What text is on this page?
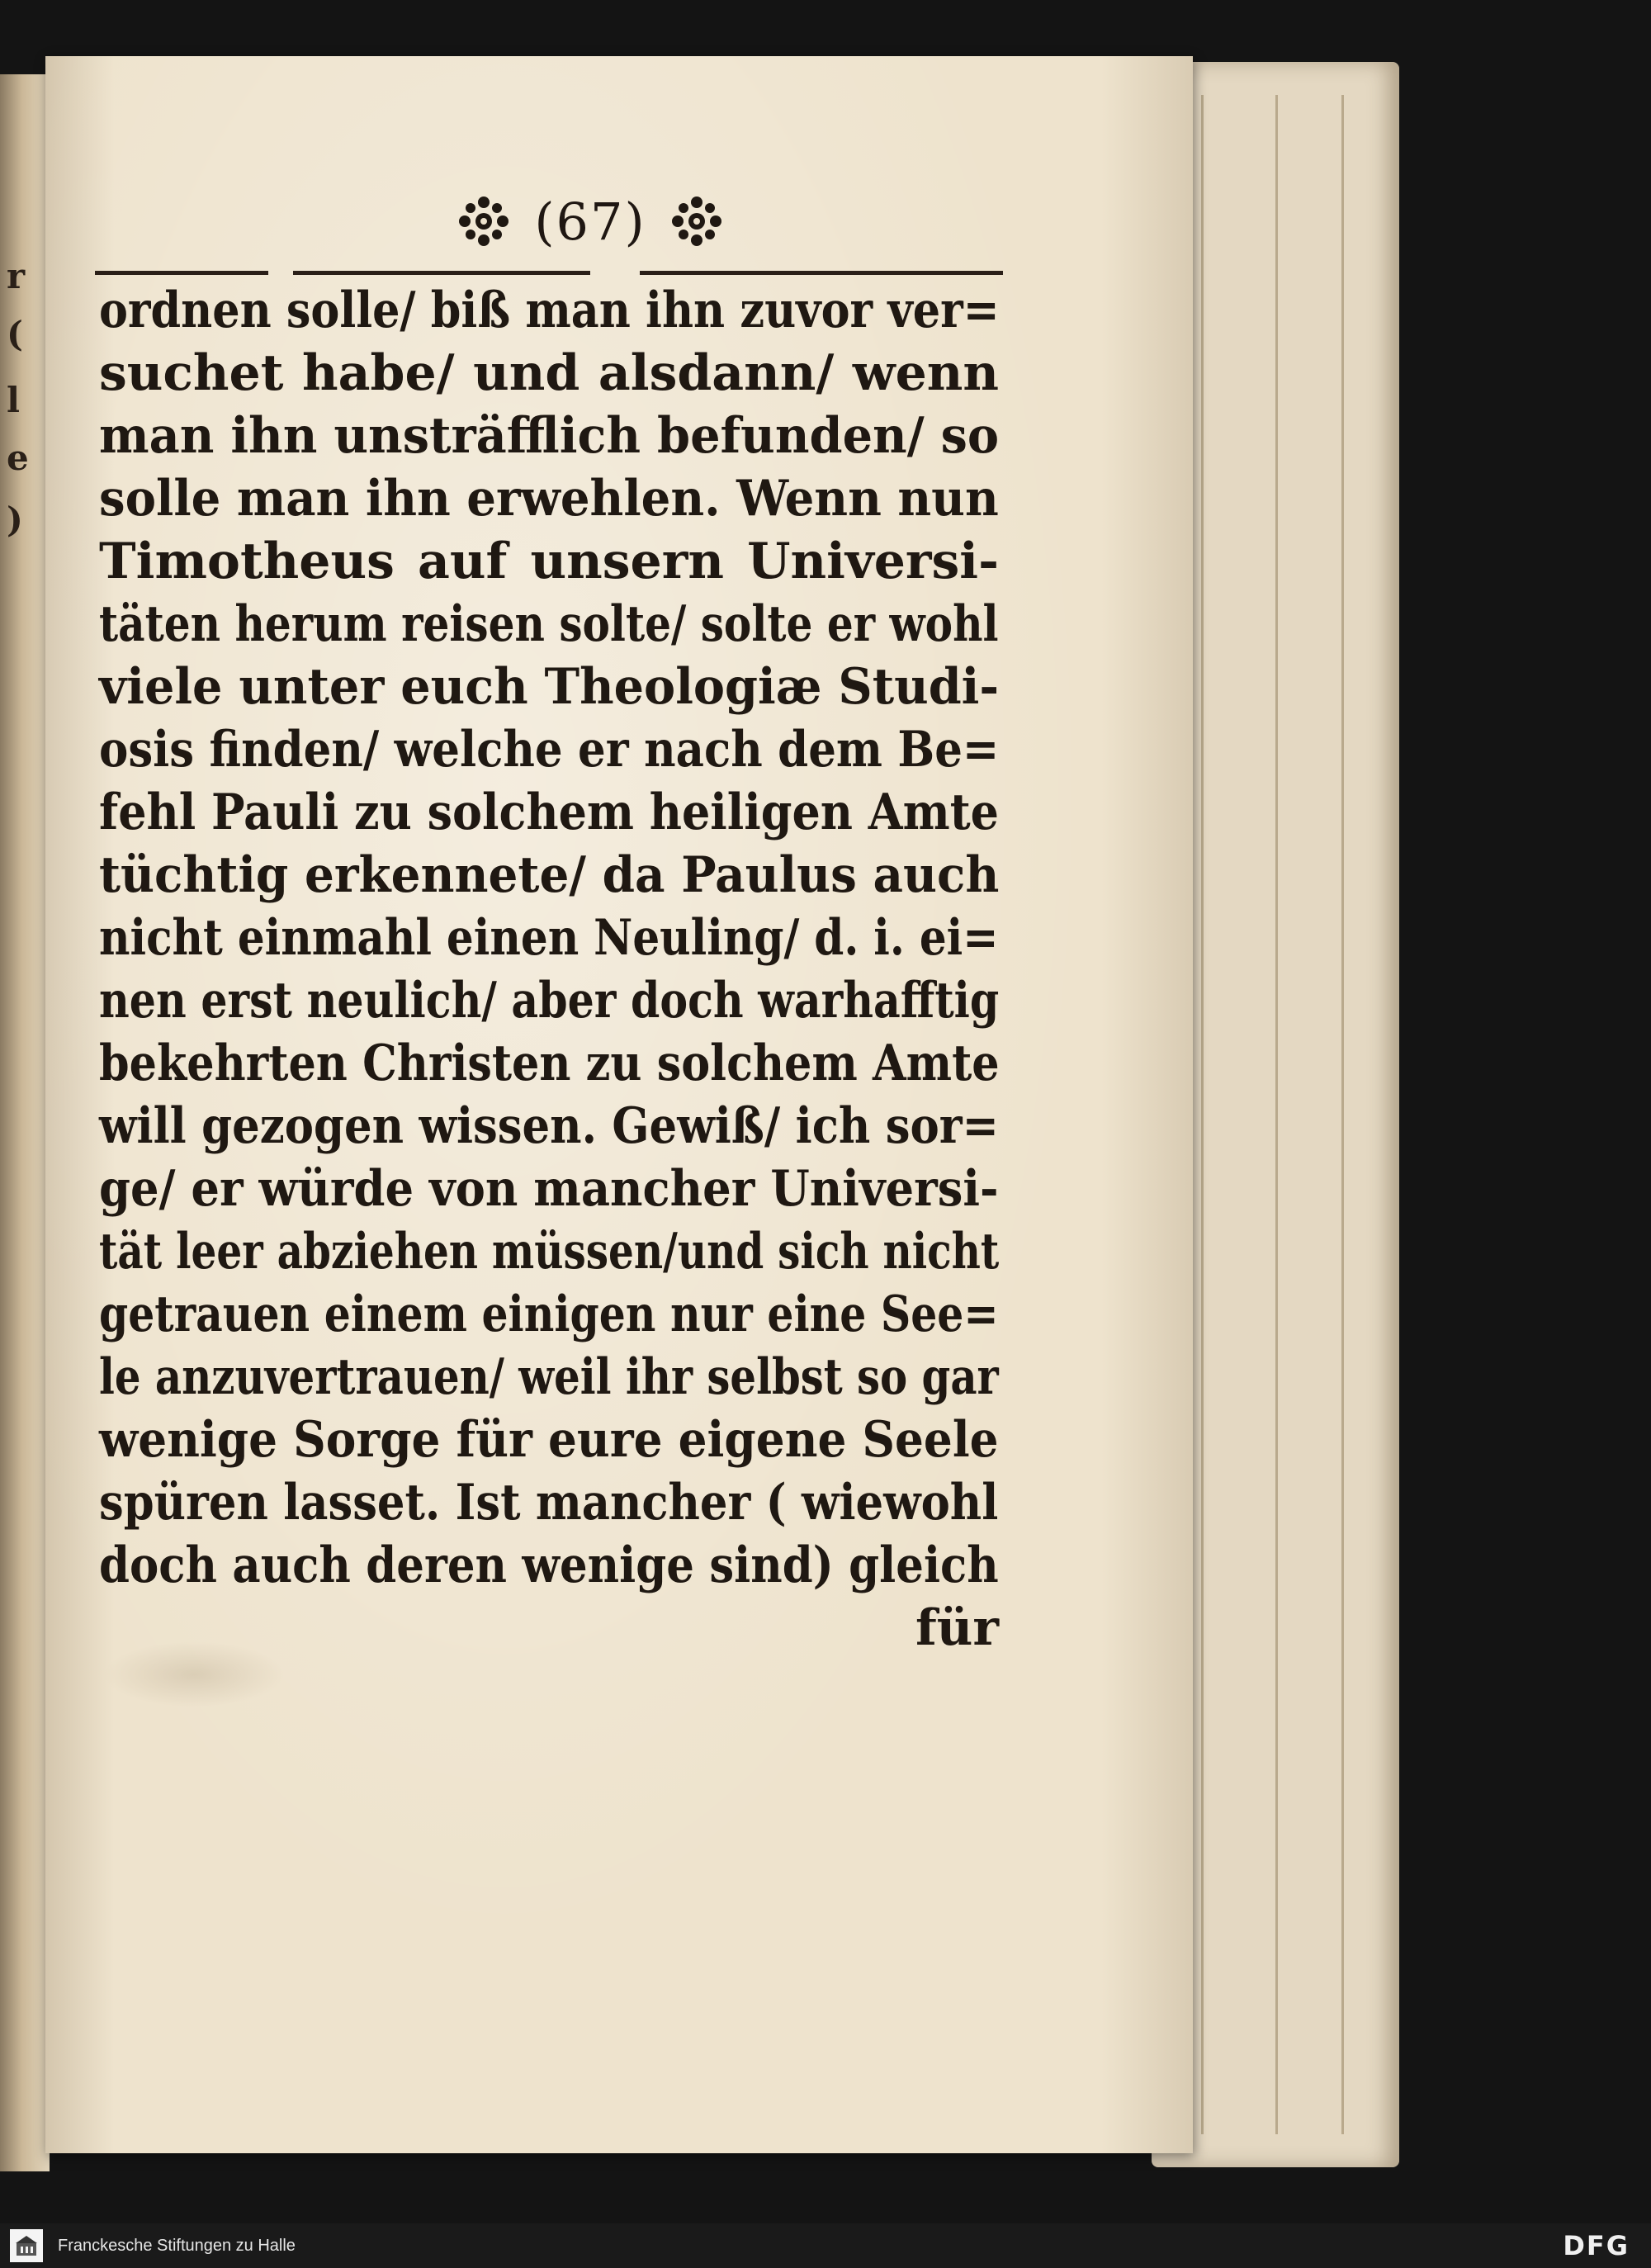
r
(
l
e
)
(67)
ordnen solle/ biß man ihn zuvor ver=
suchet habe/ und alsdann/ wenn
man ihn unsträfflich befunden/ so
solle man ihn erwehlen. Wenn nun
Timotheus auf unsern Universi-
täten herum reisen solte/ solte er wohl
viele unter euch Theologiæ Studi-
osis finden/ welche er nach dem Be=
fehl Pauli zu solchem heiligen Amte
tüchtig erkennete/ da Paulus auch
nicht einmahl einen Neuling/ d. i. ei=
nen erst neulich/ aber doch warhafftig
bekehrten Christen zu solchem Amte
will gezogen wissen. Gewiß/ ich sor=
ge/ er würde von mancher Universi-
tät leer abziehen müssen/und sich nicht
getrauen einem einigen nur eine See=
le anzuvertrauen/ weil ihr selbst so gar
wenige Sorge für eure eigene Seele
spüren lasset. Ist mancher ( wiewohl
doch auch deren wenige sind) gleich
für
Franckesche Stiftungen zu Halle	DFG
